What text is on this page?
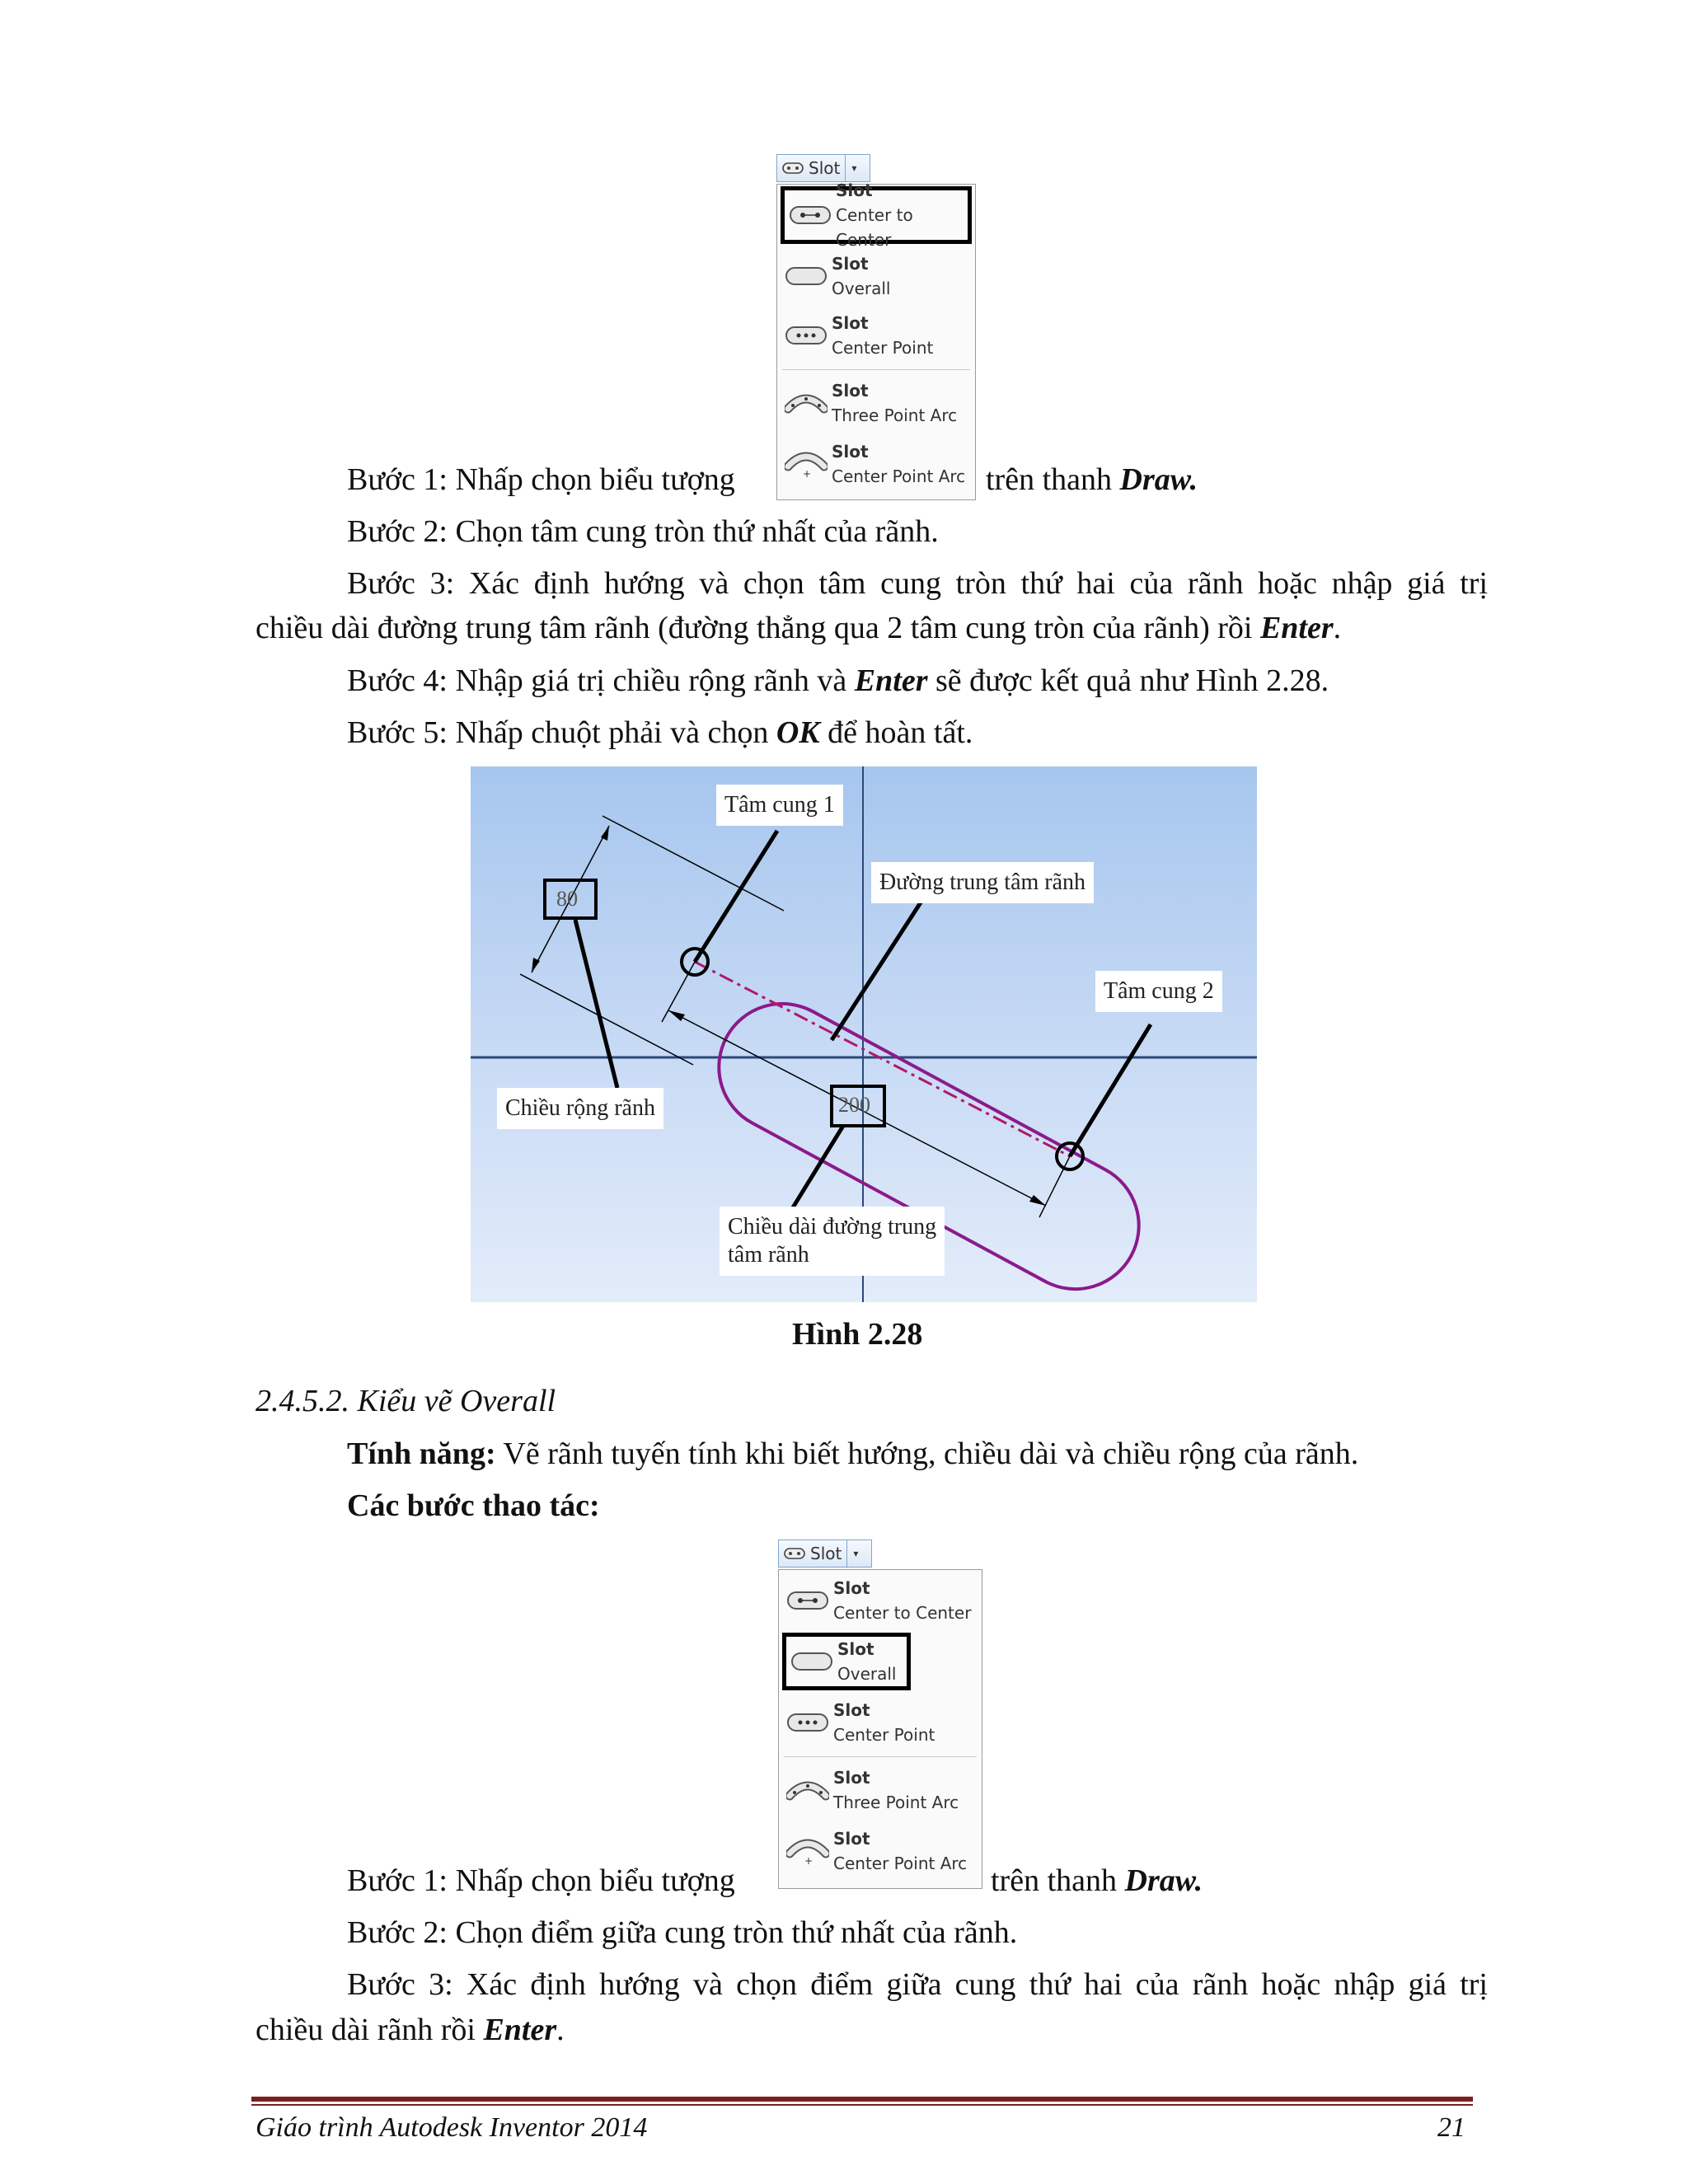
Slot	▾
Slot
Center to Center
Slot
Overall
Slot
Center Point
Slot
Three Point Arc
+
Slot
Center Point Arc
Bước 1: Nhấp chọn biểu tượng	trên thanh Draw.
Bước 2: Chọn tâm cung tròn thứ nhất của rãnh.
Bước 3: Xác định hướng và chọn tâm cung tròn thứ hai của rãnh hoặc nhập giá trị
chiều dài đường trung tâm rãnh (đường thẳng qua 2 tâm cung tròn của rãnh) rồi Enter.
Bước 4: Nhập giá trị chiều rộng rãnh và Enter sẽ được kết quả như Hình 2.28.
Bước 5: Nhấp chuột phải và chọn OK để hoàn tất.
80
200
Tâm cung 1
Đường trung tâm rãnh
Tâm cung 2
Chiều rộng rãnh
Chiều dài đường trung
tâm rãnh
Hình 2.28
2.4.5.2. Kiểu vẽ Overall
Tính năng: Vẽ rãnh tuyến tính khi biết hướng, chiều dài và chiều rộng của rãnh.
Các bước thao tác:
Slot	▾
Slot
Center to Center
Slot
Overall
Slot
Center Point
Slot
Three Point Arc
+
Slot
Center Point Arc
Bước 1: Nhấp chọn biểu tượng	trên thanh Draw.
Bước 2: Chọn điểm giữa cung tròn thứ nhất của rãnh.
Bước 3: Xác định hướng và chọn điểm giữa cung thứ hai của rãnh hoặc nhập giá trị
chiều dài rãnh rồi Enter.
Giáo trình Autodesk Inventor 2014	21
